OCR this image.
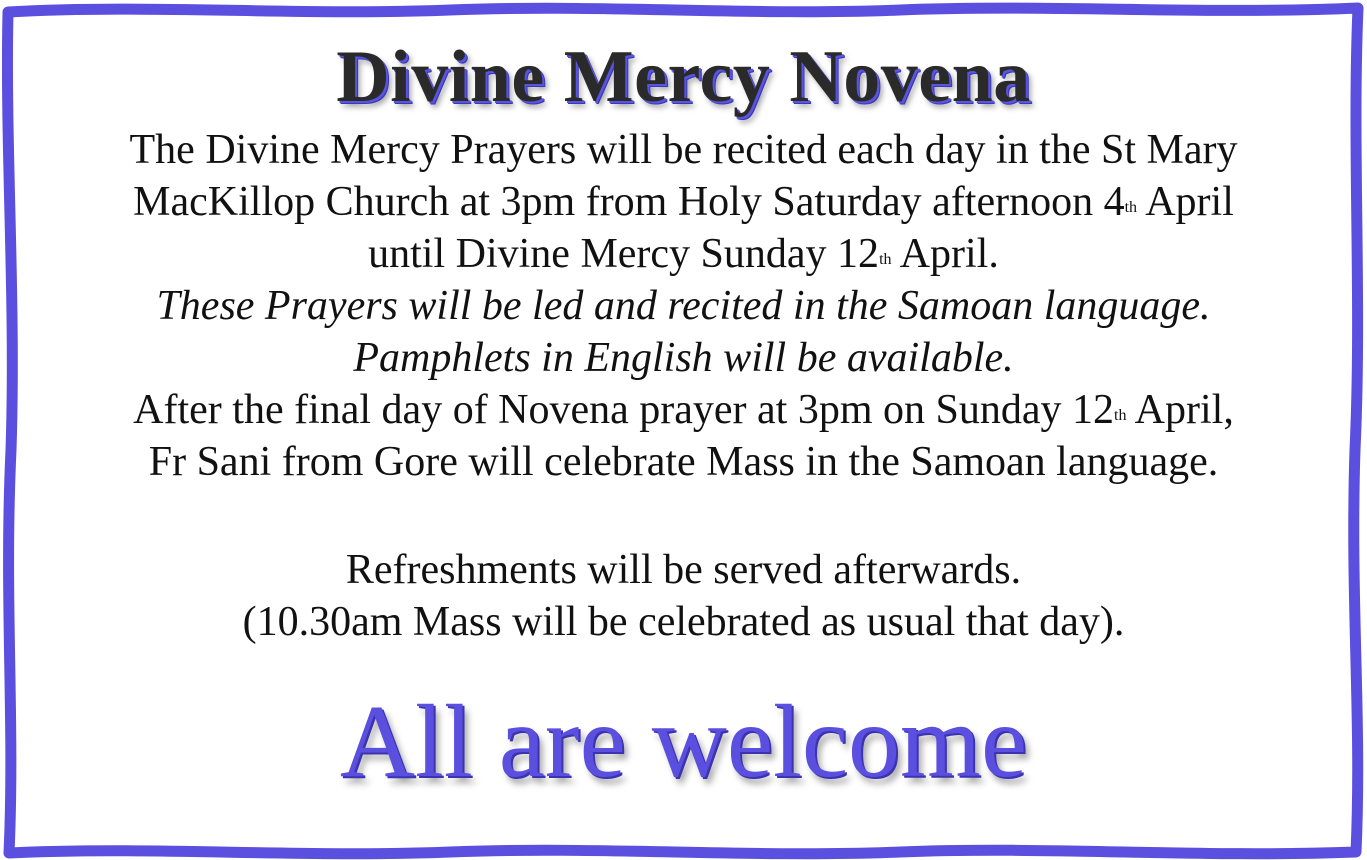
Divine Mercy Novena
The Divine Mercy Prayers will be recited each day in the St Mary
MacKillop Church at 3pm from Holy Saturday afternoon 4th April
until Divine Mercy Sunday 12th April.
These Prayers will be led and recited in the Samoan language.
Pamphlets in English will be available.
After the final day of Novena prayer at 3pm on Sunday 12th April,
Fr Sani from Gore will celebrate Mass in the Samoan language.
Refreshments will be served afterwards.
(10.30am Mass will be celebrated as usual that day).
All are welcome
